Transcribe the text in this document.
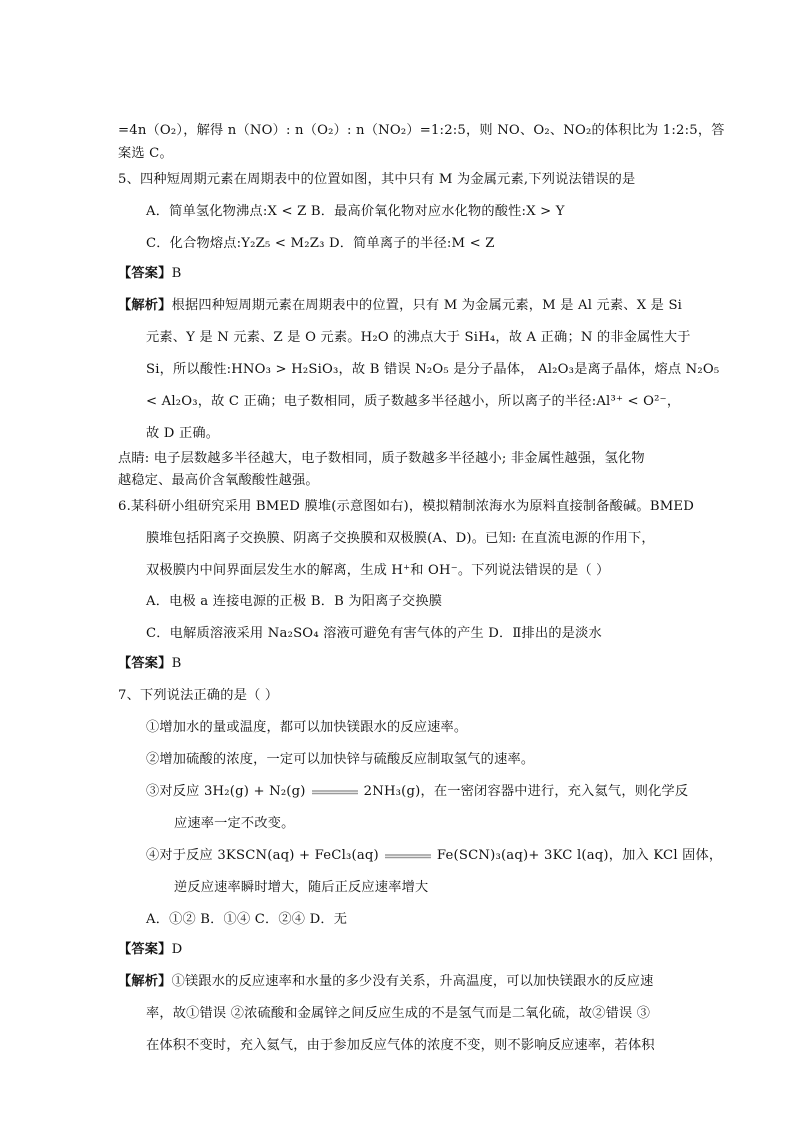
=4n（O₂），解得 n（NO）: n（O₂）: n（NO₂）=1:2:5，则 NO、O₂、NO₂的体积比为 1:2:5，答

案选 C。

5、四种短周期元素在周期表中的位置如图，其中只有 M 为金属元素,下列说法错误的是

A．简单氢化物沸点:X < Z B．最高价氧化物对应水化物的酸性:X > Y

C．化合物熔点:Y₂Z₅ < M₂Z₃ D．简单离子的半径:M < Z

【答案】B

【解析】根据四种短周期元素在周期表中的位置，只有 M 为金属元素，M 是 Al 元素、X 是 Si

元素、Y 是 N 元素、Z 是 O 元素。H₂O 的沸点大于 SiH₄，故 A 正确；N 的非金属性大于

Si，所以酸性:HNO₃ > H₂SiO₃，故 B 错误 N₂O₅ 是分子晶体， Al₂O₃是离子晶体，熔点 N₂O₅

< Al₂O₃，故 C 正确；电子数相同，质子数越多半径越小，所以离子的半径:Al³⁺ < O²⁻，

故 D 正确。

点睛: 电子层数越多半径越大，电子数相同，质子数越多半径越小; 非金属性越强，氢化物

越稳定、最高价含氧酸酸性越强。

6.某科研小组研究采用 BMED 膜堆(示意图如右)，模拟精制浓海水为原料直接制备酸碱。BMED

膜堆包括阳离子交换膜、阴离子交换膜和双极膜(A、D)。已知: 在直流电源的作用下，

双极膜内中间界面层发生水的解离，生成 H⁺和 OH⁻。下列说法错误的是（ ）

A．电极 a 连接电源的正极 B．B 为阳离子交换膜

C．电解质溶液采用 Na₂SO₄ 溶液可避免有害气体的产生 D．Ⅱ排出的是淡水

【答案】B

7、下列说法正确的是（ ）

①增加水的量或温度，都可以加快镁跟水的反应速率。

②增加硫酸的浓度，一定可以加快锌与硫酸反应制取氢气的速率。

③对反应 3H₂(g) + N₂(g)	2NH₃(g)，在一密闭容器中进行，充入氦气，则化学反

应速率一定不改变。

④对于反应 3KSCN(aq) + FeCl₃(aq)	Fe(SCN)₃(aq)+ 3KC l(aq)，加入 KCl 固体，

逆反应速率瞬时增大，随后正反应速率增大

A．①② B．①④ C．②④ D．无

【答案】D

【解析】①镁跟水的反应速率和水量的多少没有关系，升高温度，可以加快镁跟水的反应速

率，故①错误 ②浓硫酸和金属锌之间反应生成的不是氢气而是二氧化硫，故②错误 ③

在体积不变时，充入氦气，由于参加反应气体的浓度不变，则不影响反应速率，若体积
